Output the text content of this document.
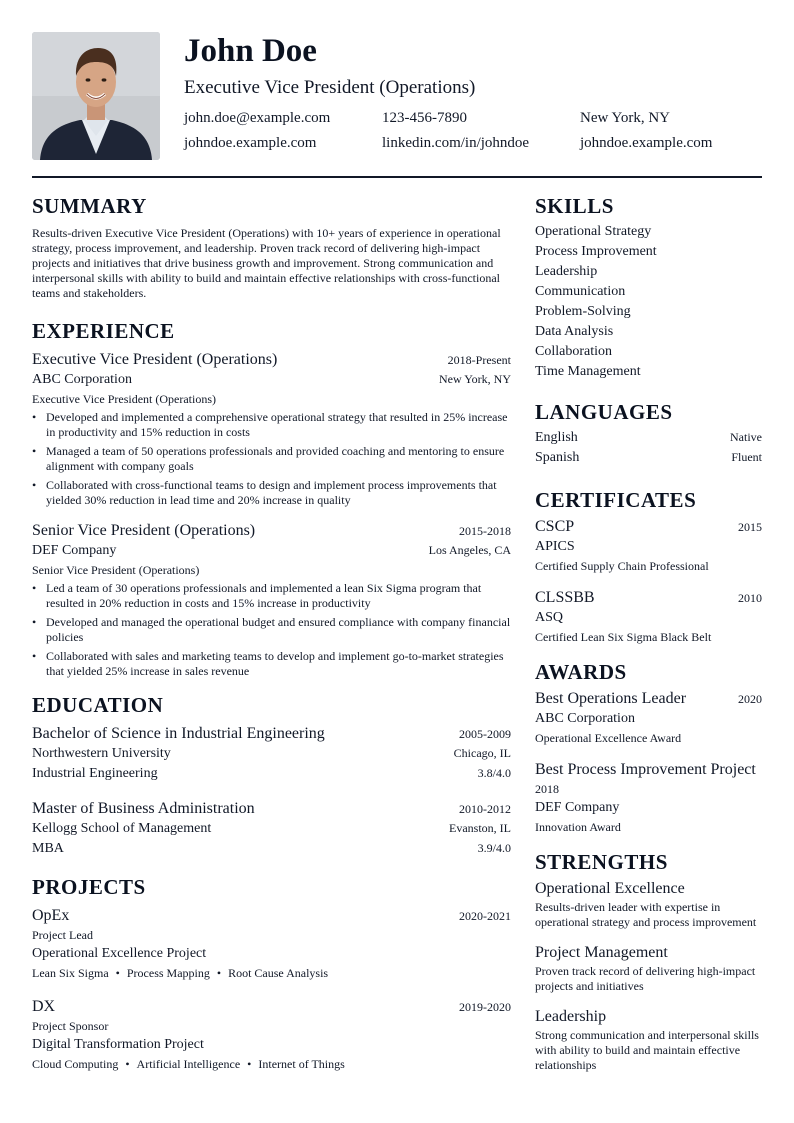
John Doe
Executive Vice President (Operations)
john.doe@example.com	123-456-7890	New York, NY
johndoe.example.com	linkedin.com/in/johndoe	johndoe.example.com
SUMMARY
Results-driven Executive Vice President (Operations) with 10+ years of experience in operational strategy, process improvement, and leadership. Proven track record of delivering high-impact projects and initiatives that drive business growth and improvement. Strong communication and interpersonal skills with ability to build and maintain effective relationships with cross-functional teams and stakeholders.
EXPERIENCE
Executive Vice President (Operations)	2018-Present
ABC Corporation	New York, NY
Executive Vice President (Operations)
• Developed and implemented a comprehensive operational strategy that resulted in 25% increase in productivity and 15% reduction in costs
• Managed a team of 50 operations professionals and provided coaching and mentoring to ensure alignment with company goals
• Collaborated with cross-functional teams to design and implement process improvements that yielded 30% reduction in lead time and 20% increase in quality
Senior Vice President (Operations)	2015-2018
DEF Company	Los Angeles, CA
Senior Vice President (Operations)
• Led a team of 30 operations professionals and implemented a lean Six Sigma program that resulted in 20% reduction in costs and 15% increase in productivity
• Developed and managed the operational budget and ensured compliance with company financial policies
• Collaborated with sales and marketing teams to develop and implement go-to-market strategies that yielded 25% increase in sales revenue
EDUCATION
Bachelor of Science in Industrial Engineering	2005-2009
Northwestern University	Chicago, IL
Industrial Engineering	3.8/4.0
Master of Business Administration	2010-2012
Kellogg School of Management	Evanston, IL
MBA	3.9/4.0
PROJECTS
OpEx	2020-2021
Project Lead
Operational Excellence Project
Lean Six Sigma • Process Mapping • Root Cause Analysis
DX	2019-2020
Project Sponsor
Digital Transformation Project
Cloud Computing • Artificial Intelligence • Internet of Things
SKILLS
Operational Strategy
Process Improvement
Leadership
Communication
Problem-Solving
Data Analysis
Collaboration
Time Management
LANGUAGES
English	Native
Spanish	Fluent
CERTIFICATES
CSCP	2015
APICS
Certified Supply Chain Professional
CLSSBB	2010
ASQ
Certified Lean Six Sigma Black Belt
AWARDS
Best Operations Leader	2020
ABC Corporation
Operational Excellence Award
Best Process Improvement Project
2018
DEF Company
Innovation Award
STRENGTHS
Operational Excellence
Results-driven leader with expertise in operational strategy and process improvement
Project Management
Proven track record of delivering high-impact projects and initiatives
Leadership
Strong communication and interpersonal skills with ability to build and maintain effective relationships
